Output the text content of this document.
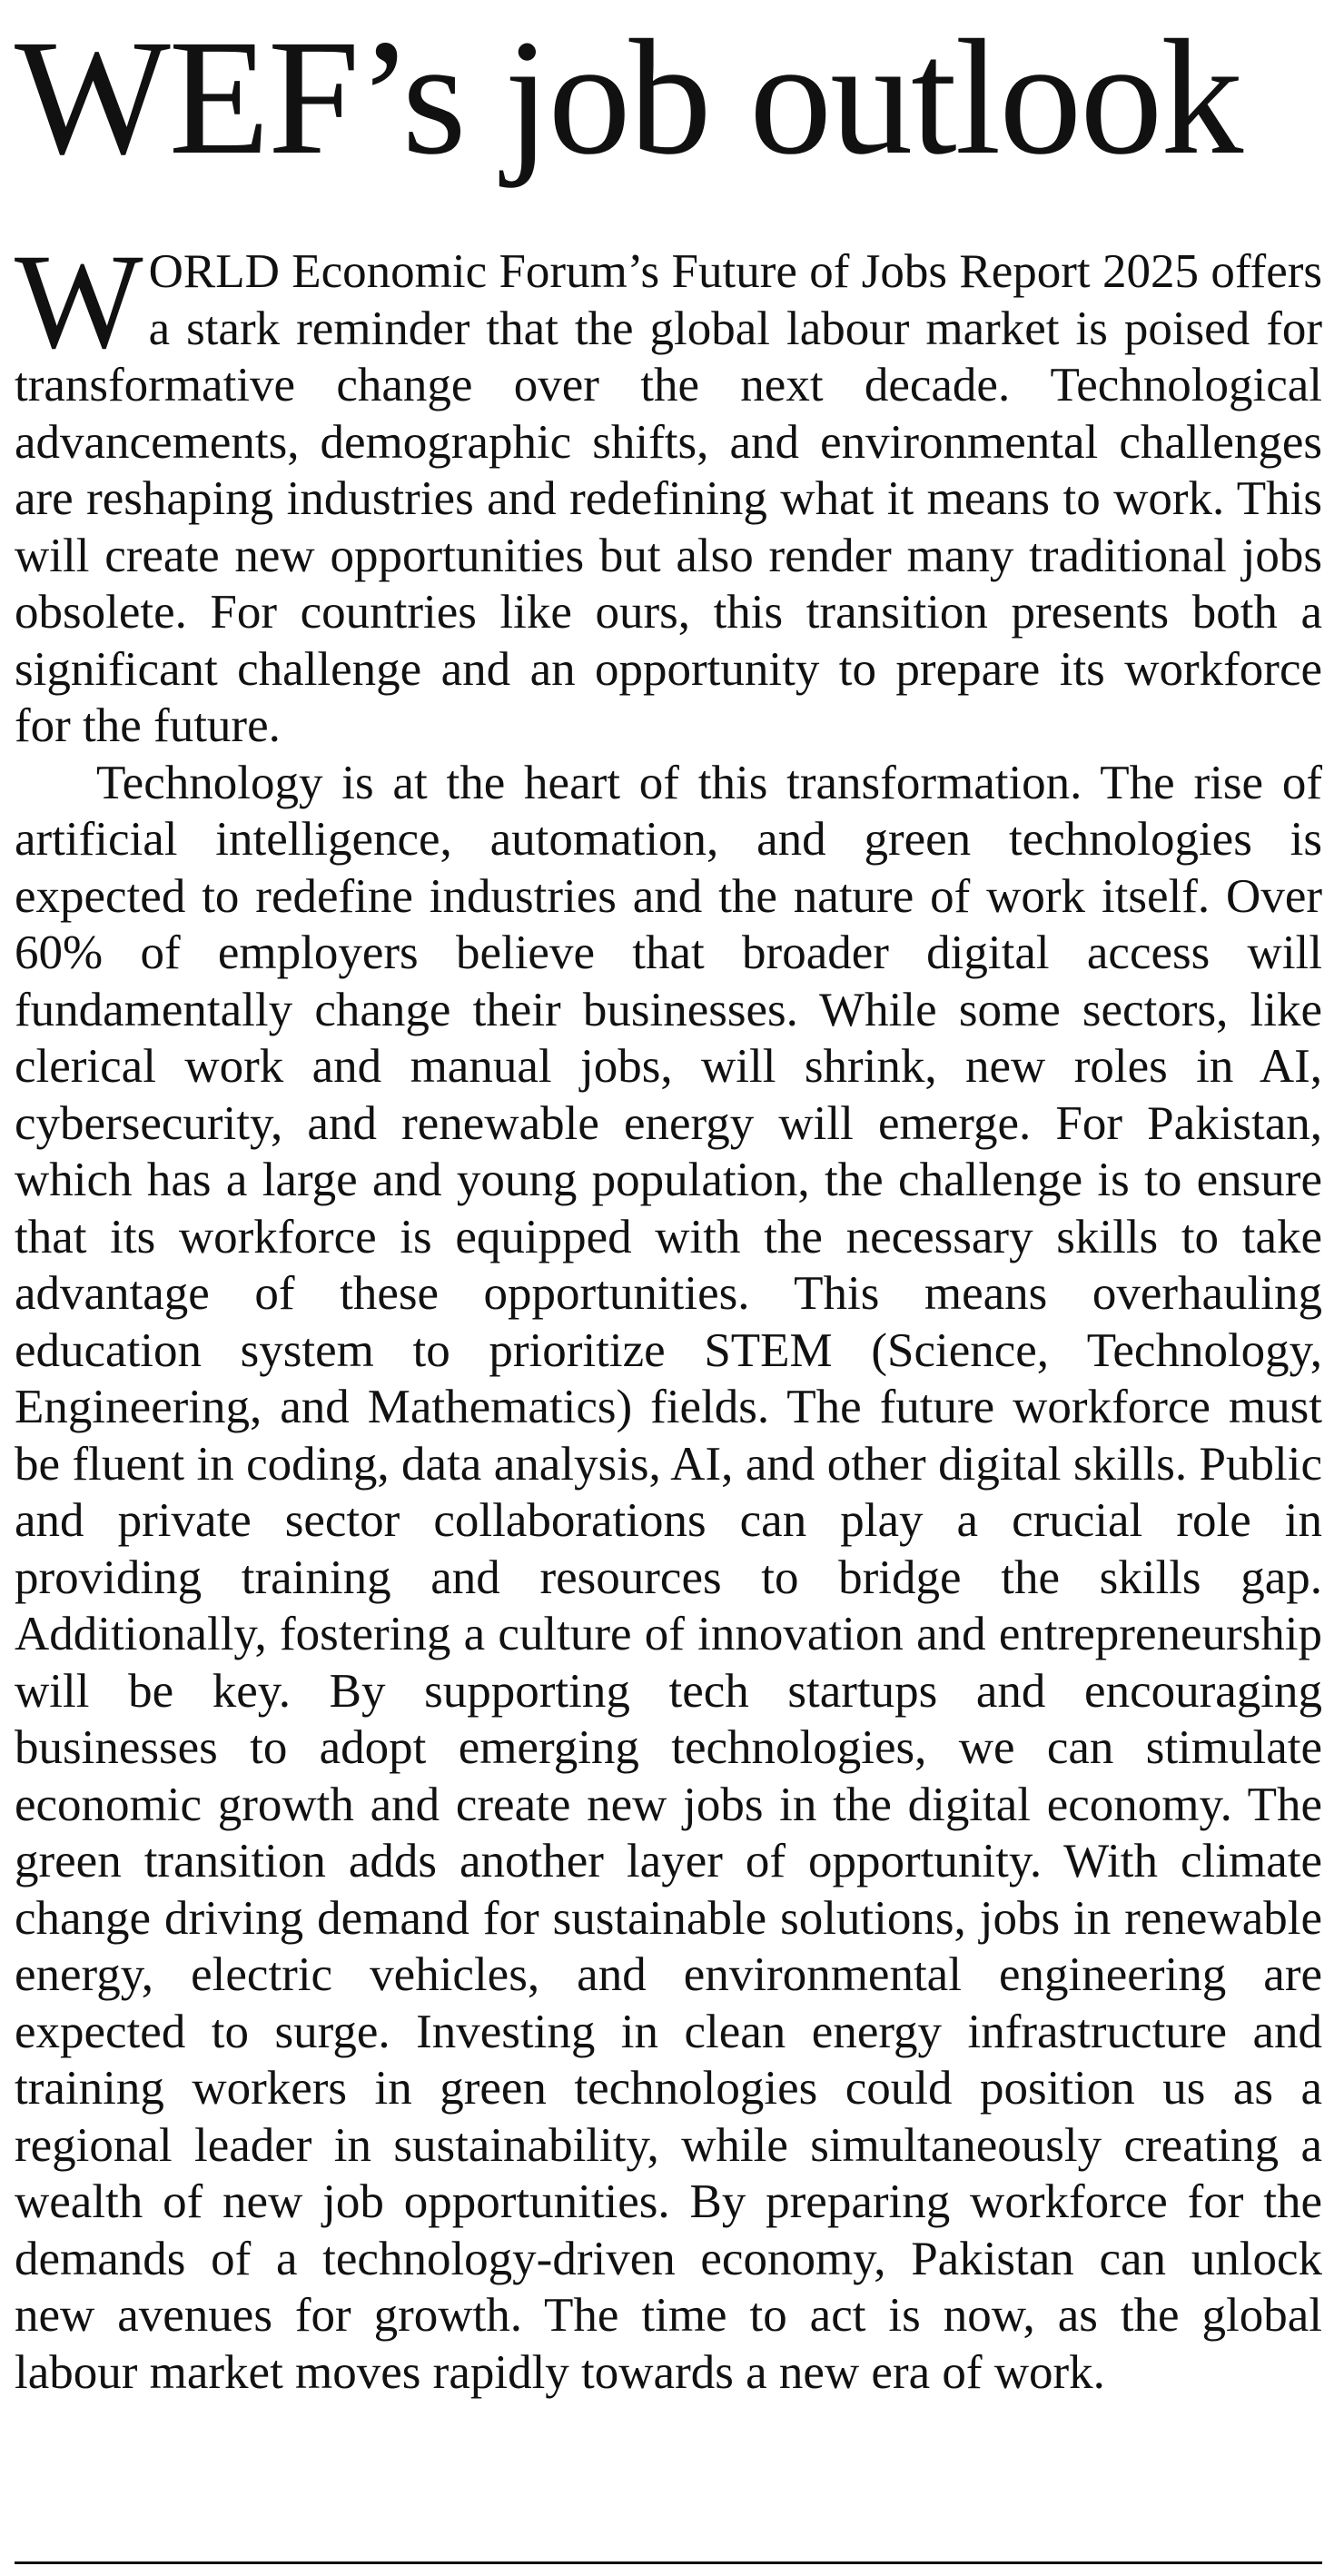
WEF’s job outlook

WORLD Economic Forum’s Future of Jobs Report 2025 offers a stark reminder that the global labour market is poised for transformative change over the next decade. Technological advancements, demographic shifts, and environmental challenges are reshaping industries and redefining what it means to work. This will create new opportunities but also render many traditional jobs obsolete. For countries like ours, this transition presents both a significant challenge and an opportunity to prepare its workforce for the future.

Technology is at the heart of this transformation. The rise of artificial intelligence, automation, and green technologies is expected to redefine industries and the nature of work itself. Over 60% of employers believe that broader digital access will fundamentally change their businesses. While some sectors, like clerical work and manual jobs, will shrink, new roles in AI, cybersecurity, and renewable energy will emerge. For Pakistan, which has a large and young population, the challenge is to ensure that its workforce is equipped with the necessary skills to take advantage of these opportunities. This means overhauling education system to prioritize STEM (Science, Technology, Engineering, and Mathematics) fields. The future workforce must be fluent in coding, data analysis, AI, and other digital skills. Public and private sector collaborations can play a crucial role in providing training and resources to bridge the skills gap. Additionally, fostering a culture of innovation and entrepreneurship will be key. By supporting tech startups and encouraging businesses to adopt emerging technologies, we can stimulate economic growth and create new jobs in the digital economy. The green transition adds another layer of opportunity. With climate change driving demand for sustainable solutions, jobs in renewable energy, electric vehicles, and environmental engineering are expected to surge. Investing in clean energy infrastructure and training workers in green technologies could position us as a regional leader in sustainability, while simultaneously creating a wealth of new job opportunities. By preparing workforce for the demands of a technology-driven economy, Pakistan can unlock new avenues for growth. The time to act is now, as the global labour market moves rapidly towards a new era of work.
